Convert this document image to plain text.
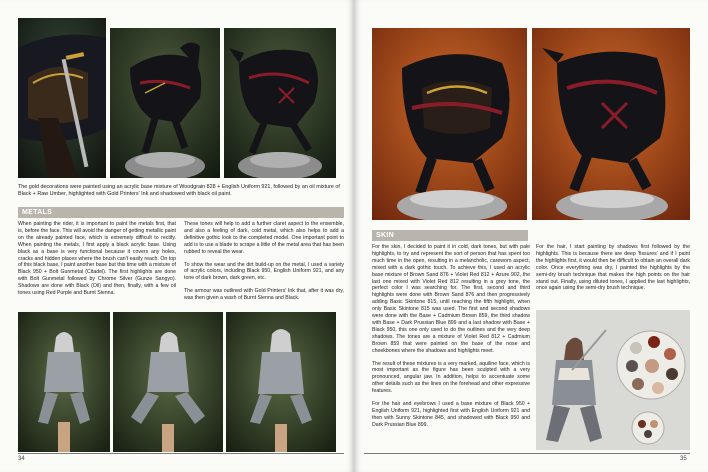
The gold decorations were painted using an acrylic base mixture of Woodgrain 828 + English Uniform 921, followed by an oil mixture of Black + Raw Umber, highlighted with Gold Printers' Ink and shadowed with black oil paint.
METALS

When painting the rider, it is important to paint the metals first, that is, before the face. This will avoid the danger of getting metallic paint on the already painted face, which is extremely difficult to rectify. When painting the metals, I first apply a black acrylic base. Using black as a base is very functional because it covers any holes, cracks and hidden places where the brush can't easily reach. On top of this black base, I paint another base but this time with a mixture of Black 950 + Bolt Gunmetal (Citadel). The first highlights are done with Bolt Gunmetal followed by Chrome Silver (Gunze Sangyo). Shadows are done with Black (Oil) and then, finally, with a few oil tones using Red Purple and Burnt Sienna.

These tones will help to add a further claret aspect to the ensemble, and also a feeling of dark, cold metal, which also helps to add a definitive gothic look to the completed model. One important point to add is to use a blade to scrape a little of the metal area that has been rubbed to reveal the wear.

To show the wear and the dirt build-up on the metal, I used a variety of acrylic colors, including Black 950, English Uniform 921, and any tone of dark brown, dark green, etc.

The armour was outlined with Gold Printers' Ink that, after it was dry, was then given a wash of Burnt Sienna and Black.

34
SKIN

For the skin, I decided to paint it in cold, dark tones, but with pale highlights, to try and represent the sort of person that has spent too much time in the open, resulting in a melancholic, careworn aspect, mixed with a dark gothic touch. To achieve this, I used an acrylic base mixture of Brown Sand 876 + Violet Red 812 + Azure 902, the last one mixed with Violet Red 812 resulting in a grey tone, the perfect color I was searching for. The first, second and third highlights were done with Brown Sand 876 and then progressively adding Basic Skintone 815, until reaching the fifth highlight, when only Basic Skintone 815 was used. The first and second shadows were done with the Base + Cadmium Brown 859, the third shadow with Base + Dark Prussian Blue 899 and a last shadow with Base + Black 950, this one only used to do the outlines and the very deep shadows. The tones are a mixture of Violet Red 812 + Cadmium Brown 859 that were painted on the base of the nose and cheekbones where the shadows and highlights meet.

The result of these mixtures is a very marked, aquiline face, which is most important as the figure has been sculpted with a very pronounced, angular jaw. In addition, helps to accentuate some other details such as the lines on the forehead and other expressive features.

For the hair and eyebrows I used a base mixture of Black 950 + English Uniform 921, highlighted first with English Uniform 921 and then with Sunny Skintone 845, and shadowed with Black 950 and Dark Prussian Blue 899.

For the hair, I start painting by shadows first followed by the highlights. This is because there are deep 'fissures' and if I paint the highlights first, it would then be difficult to obtain an overall dark color. Once everything was dry, I painted the highlights by the semi-dry brush technique that makes the high points on the hair stand out. Finally, using diluted tones, I applied the last highlights, once again using the semi-dry brush technique.

35
